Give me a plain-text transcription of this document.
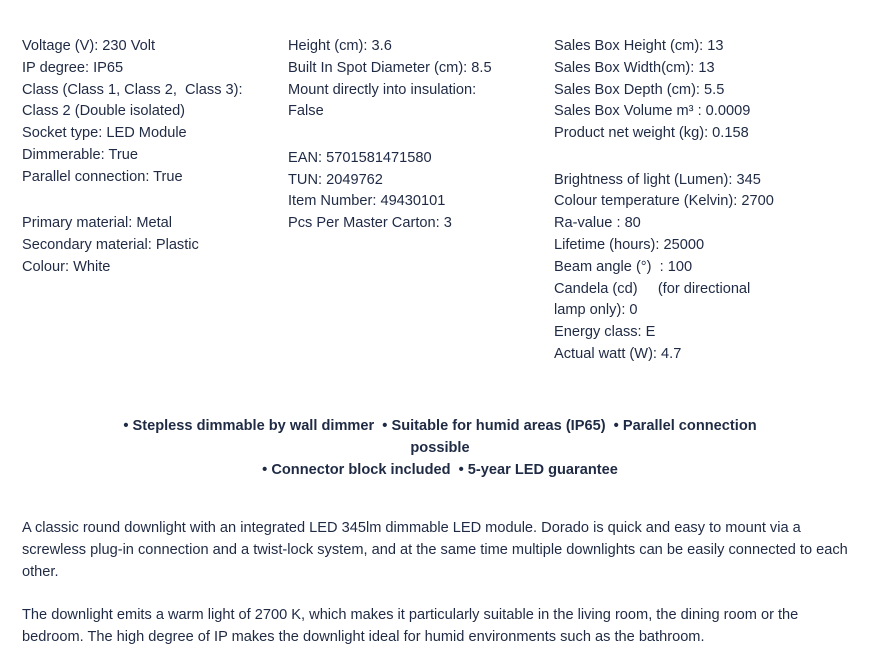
Voltage (V): 230 Volt
IP degree: IP65
Class (Class 1, Class 2,  Class 3):
Class 2 (Double isolated)
Socket type: LED Module
Dimmerable: True
Parallel connection: True
Primary material: Metal
Secondary material: Plastic
Colour: White
Height (cm): 3.6
Built In Spot Diameter (cm): 8.5
Mount directly into insulation:
False
EAN: 5701581471580
TUN: 2049762
Item Number: 49430101
Pcs Per Master Carton: 3
Sales Box Height (cm): 13
Sales Box Width(cm): 13
Sales Box Depth (cm): 5.5
Sales Box Volume m³ : 0.0009
Product net weight (kg): 0.158
Brightness of light (Lumen): 345
Colour temperature (Kelvin): 2700
Ra-value : 80
Lifetime (hours): 25000
Beam angle (°)  : 100
Candela (cd)     (for directional
lamp only): 0
Energy class: E
Actual watt (W): 4.7
• Stepless dimmable by wall dimmer  • Suitable for humid areas (IP65)  • Parallel connection
possible
• Connector block included  • 5-year LED guarantee
A classic round downlight with an integrated LED 345lm dimmable LED module. Dorado is quick and easy to mount via a screwless plug-in connection and a twist-lock system, and at the same time multiple downlights can be easily connected to each other.
The downlight emits a warm light of 2700 K, which makes it particularly suitable in the living room, the dining room or the bedroom. The high degree of IP makes the downlight ideal for humid environments such as the bathroom.
